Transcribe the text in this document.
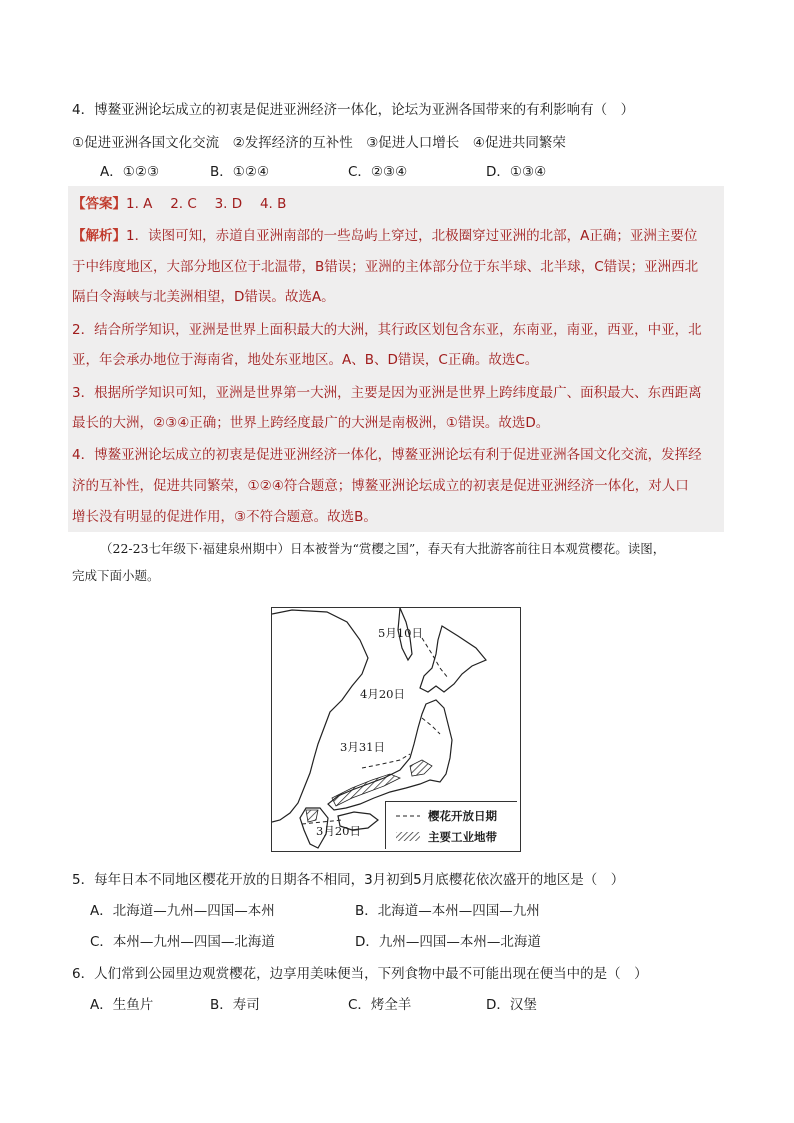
4．博鳌亚洲论坛成立的初衷是促进亚洲经济一体化，论坛为亚洲各国带来的有利影响有（　）
①促进亚洲各国文化交流　②发挥经济的互补性　③促进人口增长　④促进共同繁荣
A．①②③	B．①②④	C．②③④	D．①③④
【答案】1. A　 2. C　 3. D　 4. B
【解析】1．读图可知，赤道自亚洲南部的一些岛屿上穿过，北极圈穿过亚洲的北部，A正确；亚洲主要位
于中纬度地区，大部分地区位于北温带，B错误；亚洲的主体部分位于东半球、北半球，C错误；亚洲西北
隔白令海峡与北美洲相望，D错误。故选A。
2．结合所学知识，亚洲是世界上面积最大的大洲，其行政区划包含东亚，东南亚，南亚，西亚，中亚，北
亚，年会承办地位于海南省，地处东亚地区。A、B、D错误，C正确。故选C。
3．根据所学知识可知，亚洲是世界第一大洲，主要是因为亚洲是世界上跨纬度最广、面积最大、东西距离
最长的大洲，②③④正确；世界上跨经度最广的大洲是南极洲，①错误。故选D。
4．博鳌亚洲论坛成立的初衷是促进亚洲经济一体化，博鳌亚洲论坛有利于促进亚洲各国文化交流，发挥经
济的互补性，促进共同繁荣，①②④符合题意；博鳌亚洲论坛成立的初衷是促进亚洲经济一体化，对人口
增长没有明显的促进作用，③不符合题意。故选B。
（22-23七年级下·福建泉州期中）日本被誉为“赏樱之国”，春天有大批游客前往日本观赏樱花。读图，
完成下面小题。
5月10日
4月20日
3月31日
3月20日
樱花开放日期
主要工业地带
5．每年日本不同地区樱花开放的日期各不相同，3月初到5月底樱花依次盛开的地区是（　）
A．北海道—九州—四国—本州	B．北海道—本州—四国—九州
C．本州—九州—四国—北海道	D．九州—四国—本州—北海道
6．人们常到公园里边观赏樱花，边享用美味便当，下列食物中最不可能出现在便当中的是（　）
A．生鱼片	B．寿司	C．烤全羊	D．汉堡
